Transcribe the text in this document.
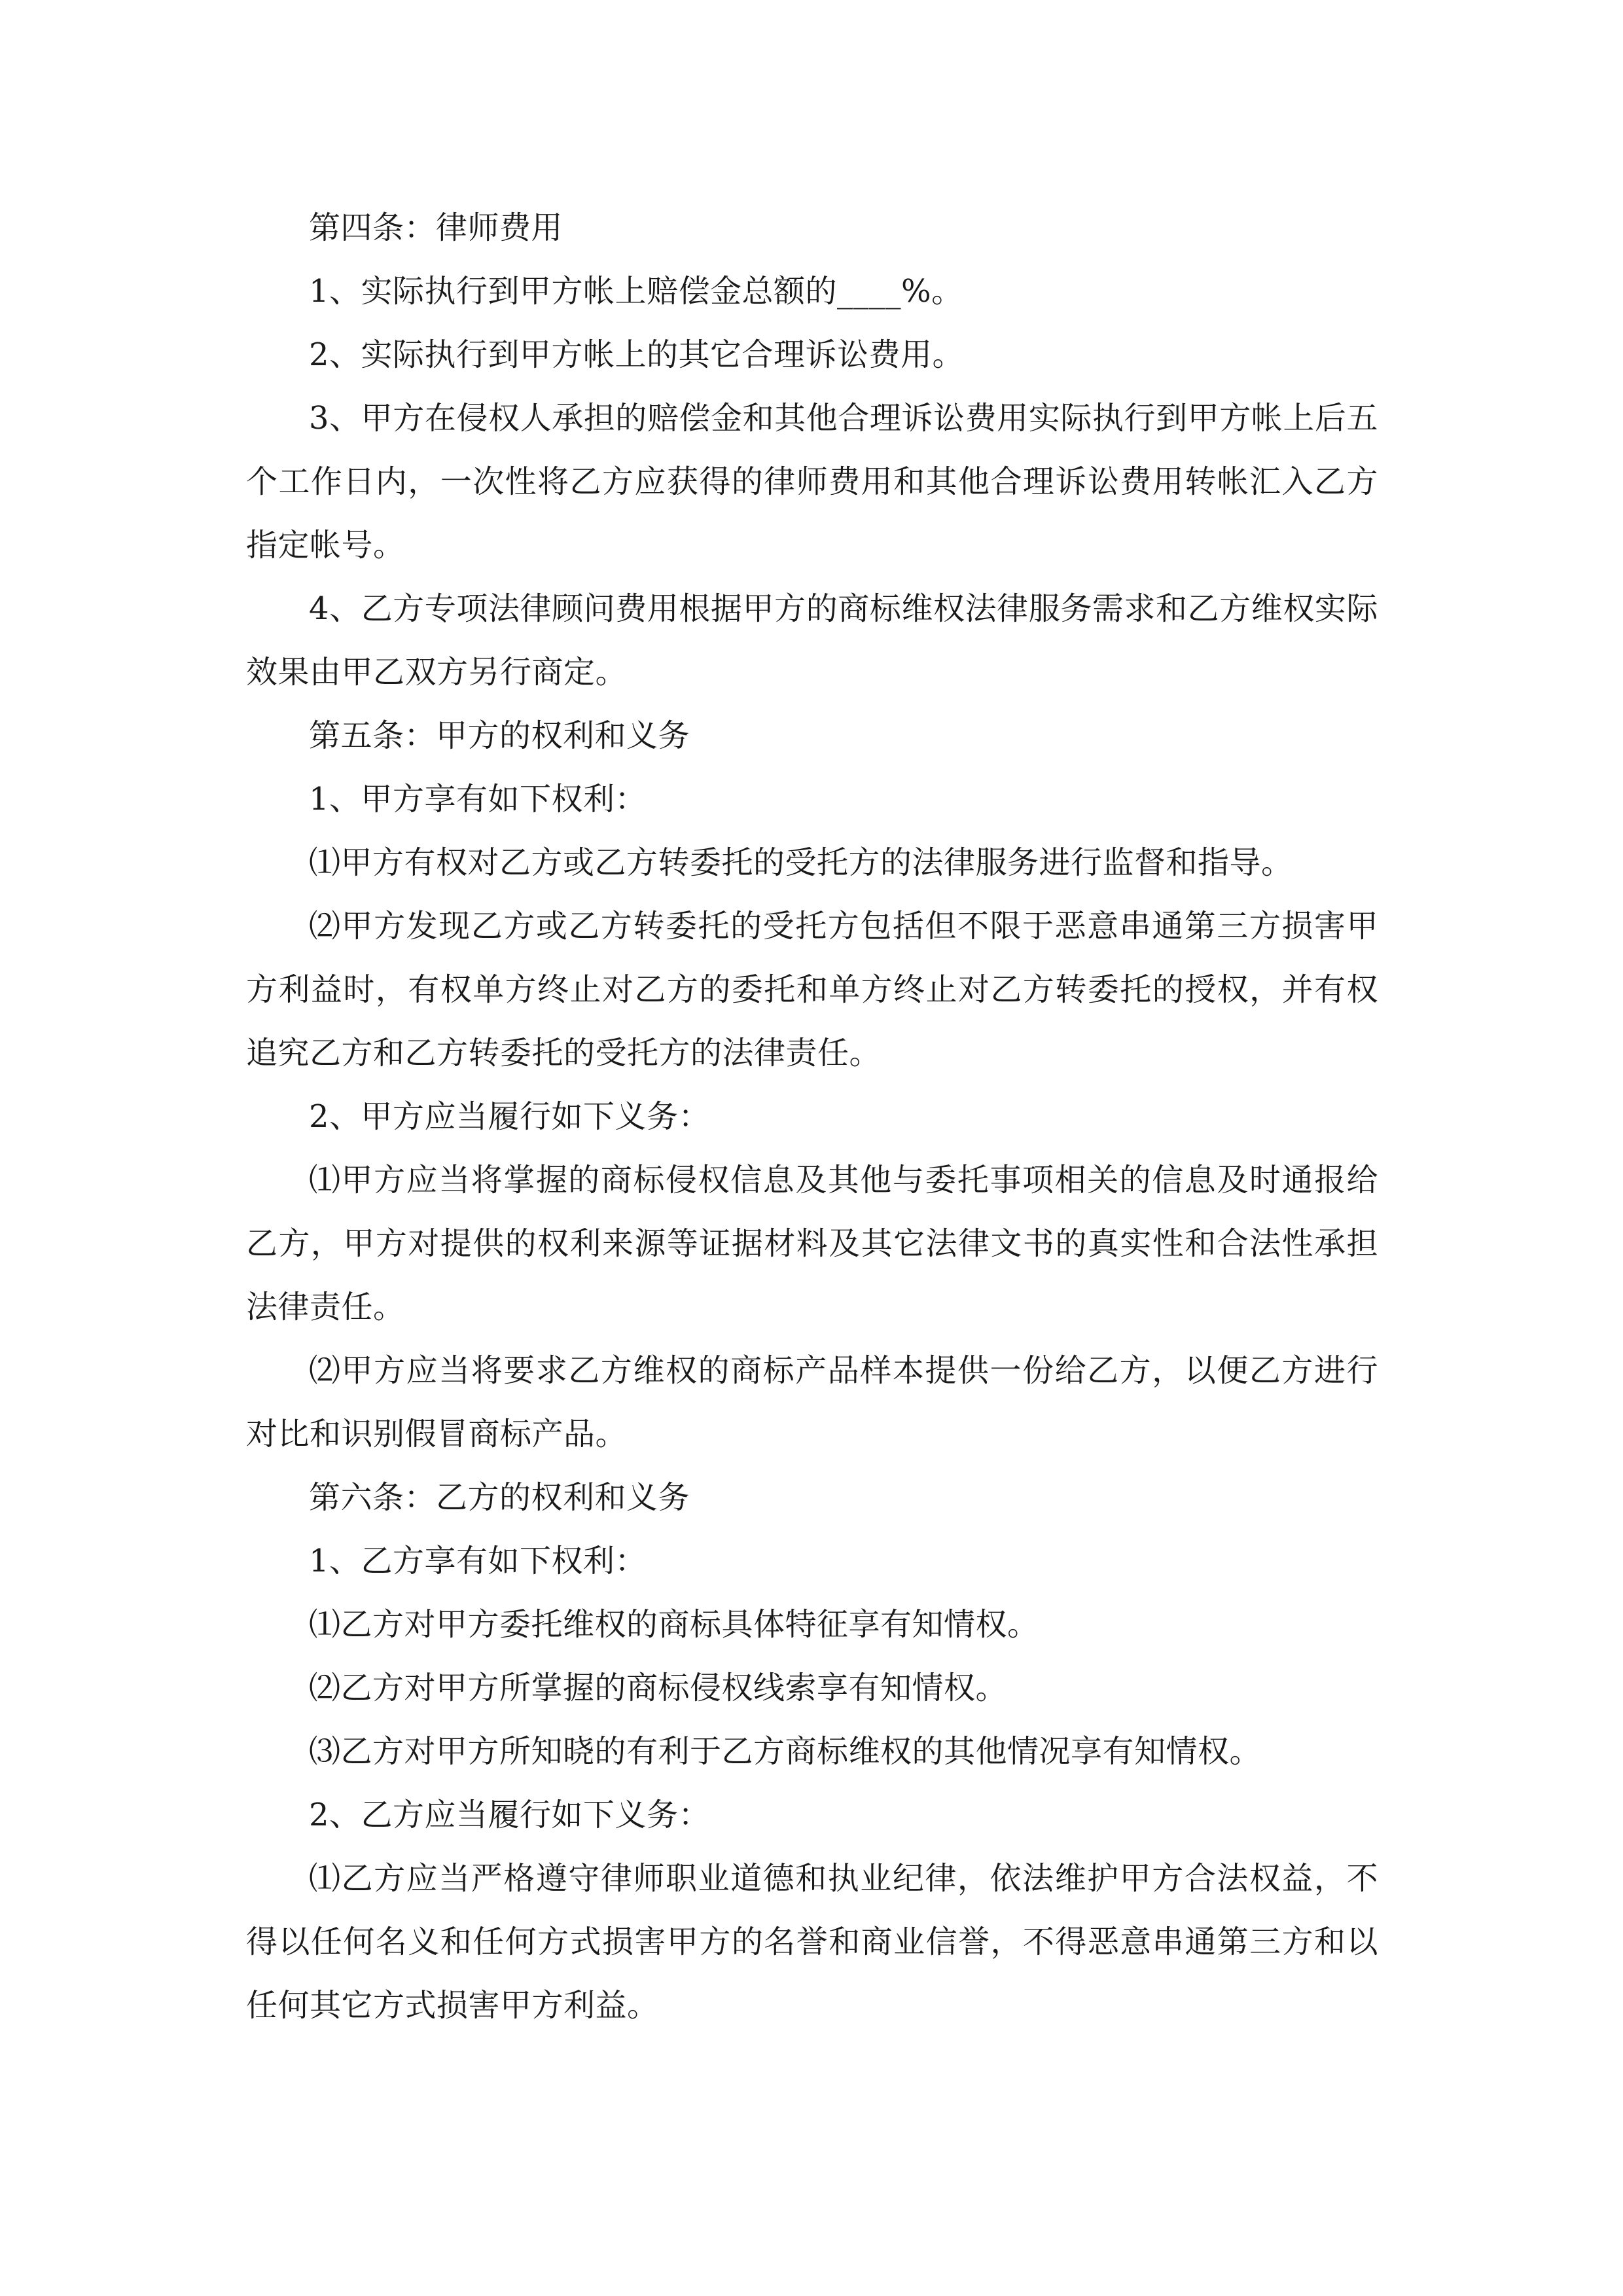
第四条：律师费用

1、实际执行到甲方帐上赔偿金总额的____%。

2、实际执行到甲方帐上的其它合理诉讼费用。

3、甲方在侵权人承担的赔偿金和其他合理诉讼费用实际执行到甲方帐上后五个工作日内，一次性将乙方应获得的律师费用和其他合理诉讼费用转帐汇入乙方指定帐号。

4、乙方专项法律顾问费用根据甲方的商标维权法律服务需求和乙方维权实际效果由甲乙双方另行商定。

第五条：甲方的权利和义务

1、甲方享有如下权利：

⑴甲方有权对乙方或乙方转委托的受托方的法律服务进行监督和指导。

⑵甲方发现乙方或乙方转委托的受托方包括但不限于恶意串通第三方损害甲方利益时，有权单方终止对乙方的委托和单方终止对乙方转委托的授权，并有权追究乙方和乙方转委托的受托方的法律责任。

2、甲方应当履行如下义务：

⑴甲方应当将掌握的商标侵权信息及其他与委托事项相关的信息及时通报给乙方，甲方对提供的权利来源等证据材料及其它法律文书的真实性和合法性承担法律责任。

⑵甲方应当将要求乙方维权的商标产品样本提供一份给乙方，以便乙方进行对比和识别假冒商标产品。

第六条：乙方的权利和义务

1、乙方享有如下权利：

⑴乙方对甲方委托维权的商标具体特征享有知情权。

⑵乙方对甲方所掌握的商标侵权线索享有知情权。

⑶乙方对甲方所知晓的有利于乙方商标维权的其他情况享有知情权。

2、乙方应当履行如下义务：

⑴乙方应当严格遵守律师职业道德和执业纪律，依法维护甲方合法权益，不得以任何名义和任何方式损害甲方的名誉和商业信誉，不得恶意串通第三方和以任何其它方式损害甲方利益。
